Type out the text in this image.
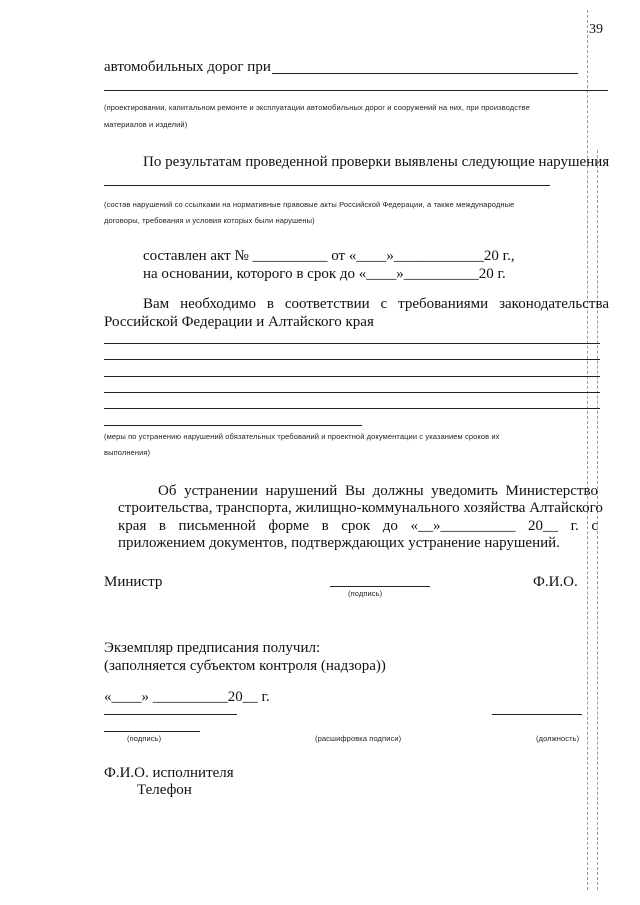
39
автомобильных дорог при
(проектировании, капитальном ремонте и эксплуатации автомобильных дорог и сооружений на них, при производстве
материалов и изделий)
По результатам проведенной проверки выявлены следующие нарушения
(состав нарушений со ссылками на нормативные правовые акты Российской Федерации, а также международные
договоры, требования и условия которых были нарушены)
составлен акт № __________ от «____»____________20 г.,
на основании, которого в срок до «____»__________20 г.
Вам необходимо в соответствии с требованиями законодательства
Российской Федерации и Алтайского края
(меры по устранению нарушений обязательных требований и проектной документации с указанием сроков их
выполнения)
Об устранении нарушений Вы должны уведомить Министерство
строительства, транспорта, жилищно-коммунального хозяйства Алтайского
края в письменной форме в срок до «__»__________ 20__ г. с
приложением документов, подтверждающих устранение нарушений.
Министр
(подпись)
Ф.И.О.
Экземпляр предписания получил:
(заполняется субъектом контроля (надзора))
«____» __________20__ г.
(подпись)	(расшифровка подписи)	(должность)
Ф.И.О. исполнителя
Телефон
